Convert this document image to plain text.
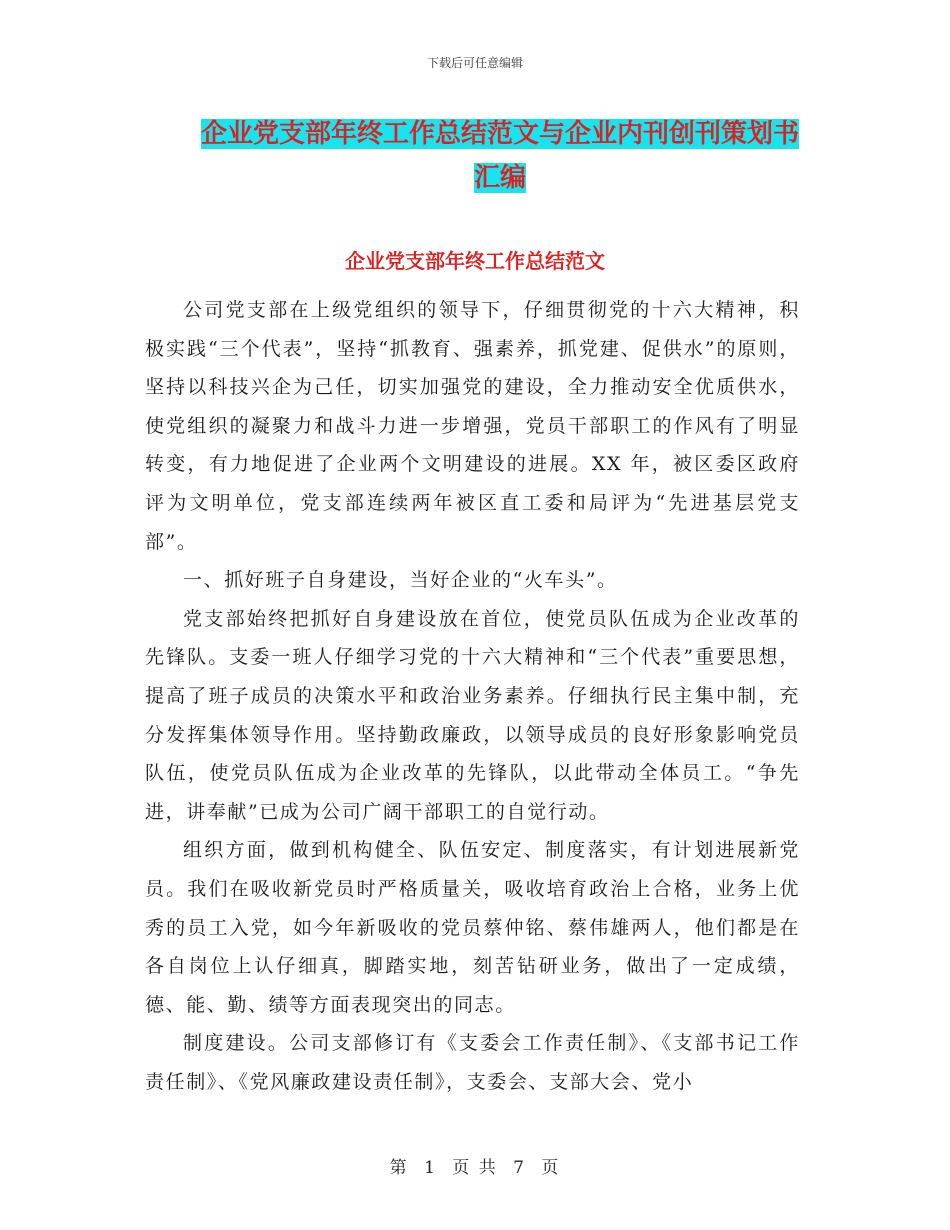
下载后可任意编辑
企业党支部年终工作总结范文与企业内刊创刊策划书
汇编
企业党支部年终工作总结范文

公司党支部在上级党组织的领导下，仔细贯彻党的十六大精神，积极实践“三个代表”，坚持“抓教育、强素养，抓党建、促供水”的原则，坚持以科技兴企为己任，切实加强党的建设，全力推动安全优质供水，使党组织的凝聚力和战斗力进一步增强，党员干部职工的作风有了明显转变，有力地促进了企业两个文明建设的进展。XX 年，被区委区政府评为文明单位，党支部连续两年被区直工委和局评为“先进基层党支部”。

一、抓好班子自身建设，当好企业的“火车头”。

党支部始终把抓好自身建设放在首位，使党员队伍成为企业改革的先锋队。支委一班人仔细学习党的十六大精神和“三个代表”重要思想，提高了班子成员的决策水平和政治业务素养。仔细执行民主集中制，充分发挥集体领导作用。坚持勤政廉政，以领导成员的良好形象影响党员队伍，使党员队伍成为企业改革的先锋队，以此带动全体员工。“争先进，讲奉献”已成为公司广阔干部职工的自觉行动。

组织方面，做到机构健全、队伍安定、制度落实，有计划进展新党员。我们在吸收新党员时严格质量关，吸收培育政治上合格，业务上优秀的员工入党，如今年新吸收的党员蔡仲铭、蔡伟雄两人，他们都是在各自岗位上认仔细真，脚踏实地，刻苦钻研业务，做出了一定成绩，德、能、勤、绩等方面表现突出的同志。

制度建设。公司支部修订有《支委会工作责任制》、《支部书记工作责任制》、《党风廉政建设责任制》，支委会、支部大会、党小

第 1 页 共 7 页
